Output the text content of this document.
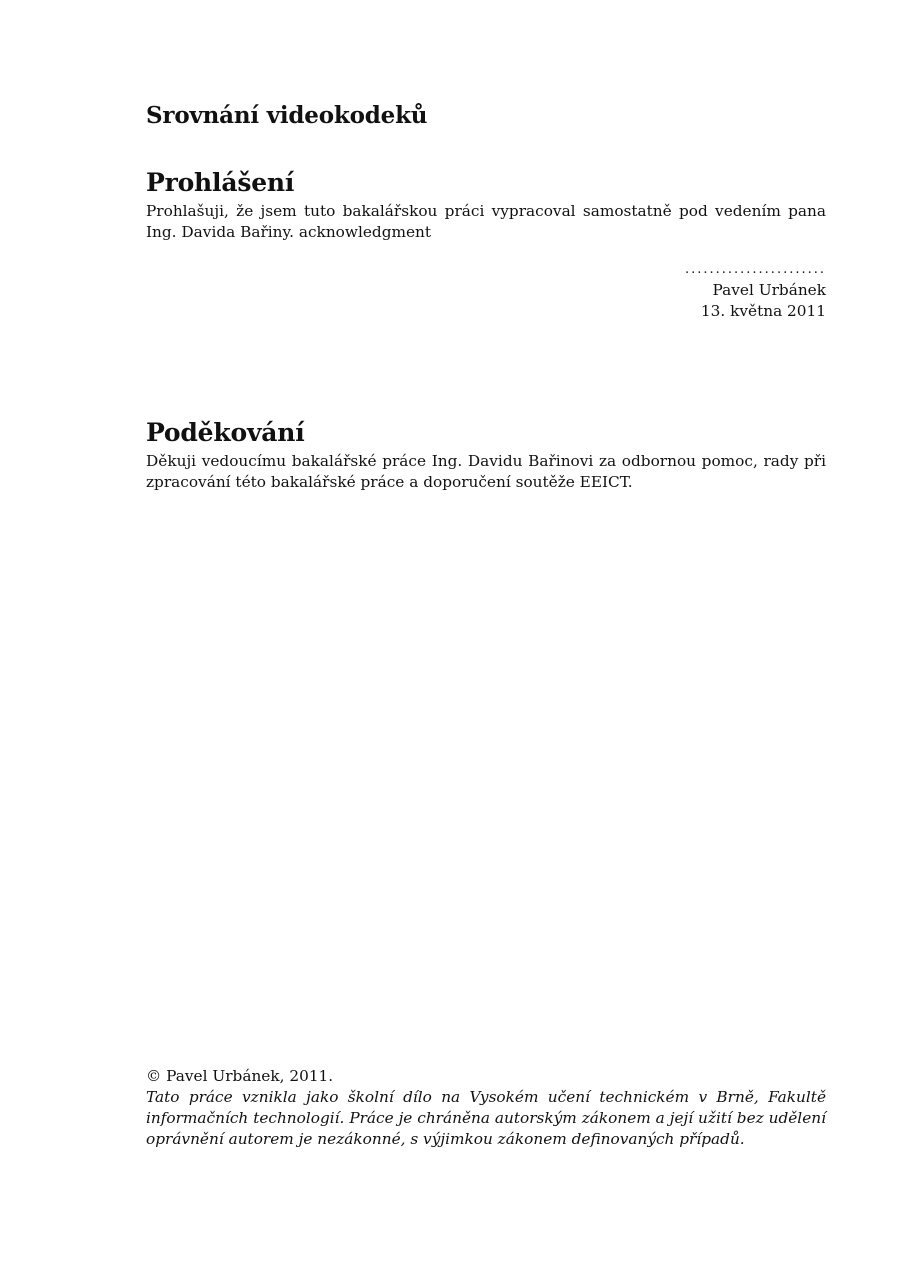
Srovnání videokodeků
Prohlášení

Prohlašuji, že jsem tuto bakalářskou práci vypracoval samostatně pod vedením pana Ing. Davida Bařiny. acknowledgment

.......................
Pavel Urbánek
13. května 2011
Poděkování

Děkuji vedoucímu bakalářské práce Ing. Davidu Bařinovi za odbornou pomoc, rady při zpracování této bakalářské práce a doporučení soutěže EEICT.

© Pavel Urbánek, 2011.

Tato práce vznikla jako školní dílo na Vysokém učení technickém v Brně, Fakultě informačních technologií. Práce je chráněna autorským zákonem a její užití bez udělení oprávnění autorem je nezákonné, s výjimkou zákonem definovaných případů.
